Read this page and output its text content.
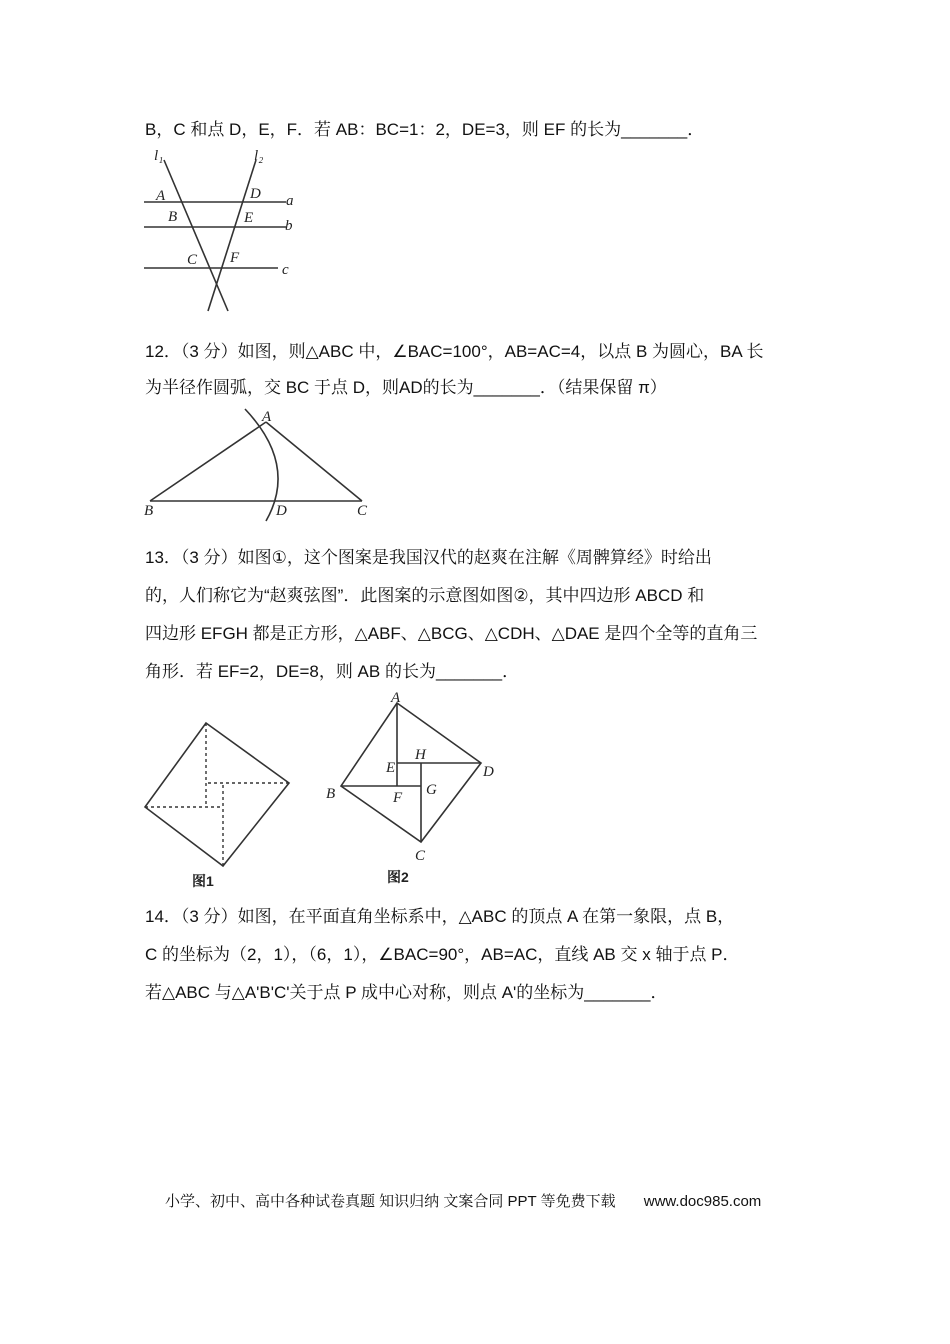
B，C 和点 D，E，F．若 AB：BC=1：2，DE=3，则 EF 的长为_______．
l₁	l₂
a
b
c
A
B
C
D
E
F
12．（3 分）如图，则△ABC 中，∠BAC=100°，AB=AC=4，以点 B 为圆心，BA 长
为半径作圆弧，交 BC 于点 D，则AD的长为_______．（结果保留 π）
A
B	D	C
13．（3 分）如图①，这个图案是我国汉代的赵爽在注解《周髀算经》时给出
的，人们称它为“赵爽弦图”．此图案的示意图如图②，其中四边形 ABCD 和
四边形 EFGH 都是正方形，△ABF、△BCG、△CDH、△DAE 是四个全等的直角三
角形．若 EF=2，DE=8，则 AB 的长为_______．
图1
A
B
C
D
E
F G
H
图2
14．（3 分）如图，在平面直角坐标系中，△ABC 的顶点 A 在第一象限，点 B，
C 的坐标为（2，1），（6，1），∠BAC=90°，AB=AC，直线 AB 交 x 轴于点 P．
若△ABC 与△A'B'C'关于点 P 成中心对称，则点 A'的坐标为_______．
小学、初中、高中各种试卷真题 知识归纳 文案合同 PPT 等免费下载 www.doc985.com
